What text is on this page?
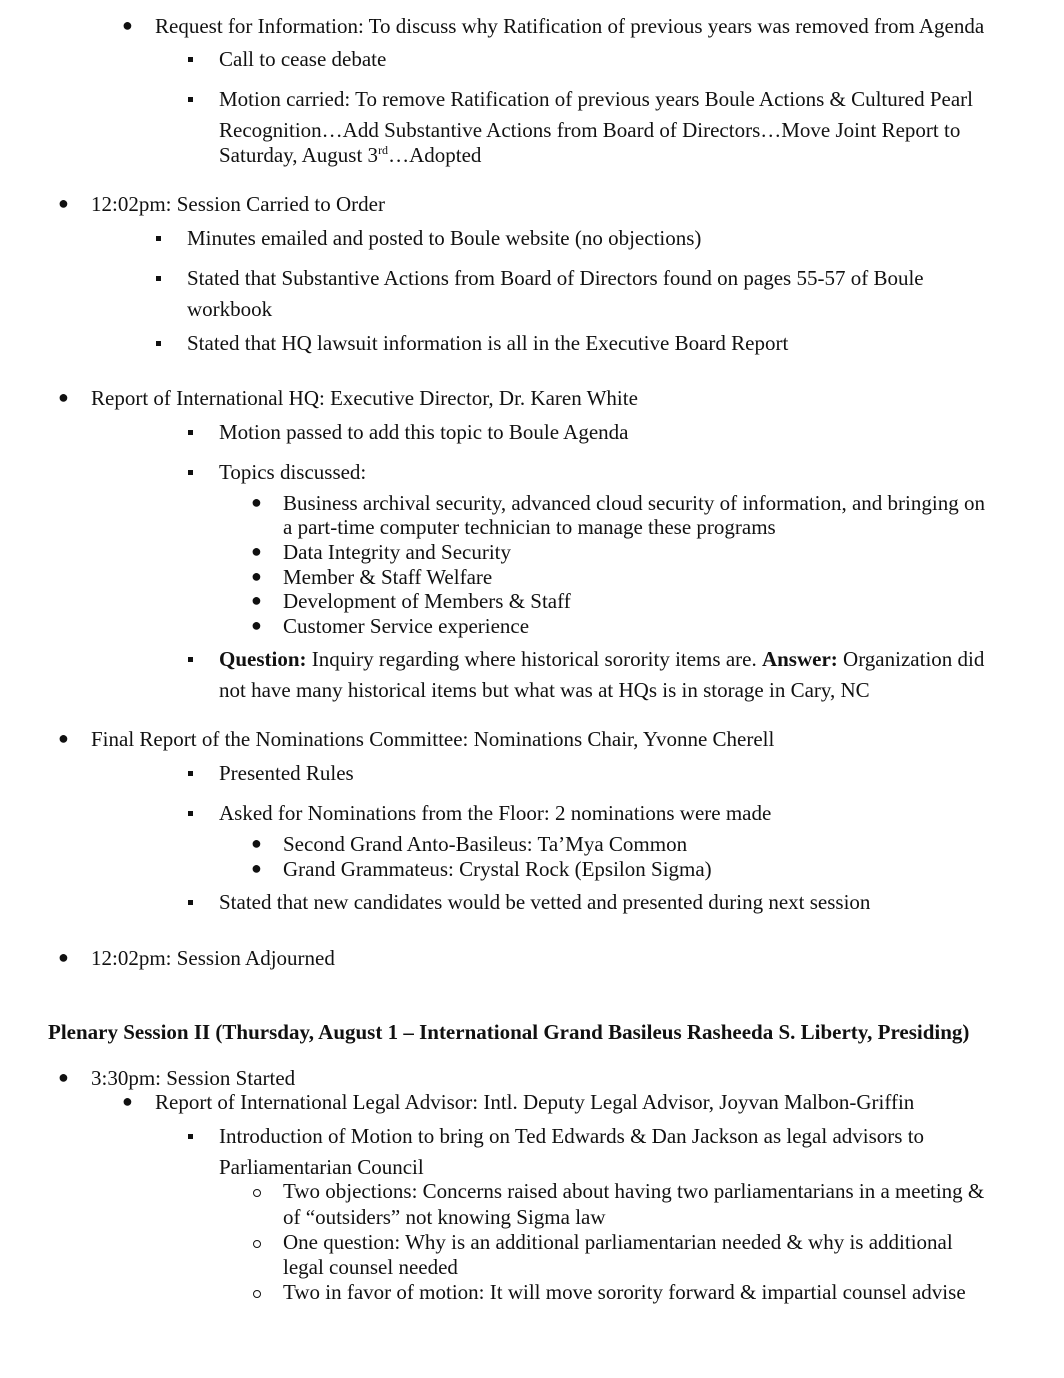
● Request for Information: To discuss why Ratification of previous years was removed from Agenda
Call to cease debate
Motion carried: To remove Ratification of previous years Boule Actions & Cultured Pearl
Recognition…Add Substantive Actions from Board of Directors…Move Joint Report to
Saturday, August 3rd…Adopted
● 12:02pm: Session Carried to Order
Minutes emailed and posted to Boule website (no objections)
Stated that Substantive Actions from Board of Directors found on pages 55-57 of Boule
workbook
Stated that HQ lawsuit information is all in the Executive Board Report
● Report of International HQ: Executive Director, Dr. Karen White
Motion passed to add this topic to Boule Agenda
Topics discussed:
● Business archival security, advanced cloud security of information, and bringing on
a part-time computer technician to manage these programs
● Data Integrity and Security
● Member & Staff Welfare
● Development of Members & Staff
● Customer Service experience
Question: Inquiry regarding where historical sorority items are. Answer: Organization did
not have many historical items but what was at HQs is in storage in Cary, NC
● Final Report of the Nominations Committee: Nominations Chair, Yvonne Cherell
Presented Rules
Asked for Nominations from the Floor: 2 nominations were made
● Second Grand Anto-Basileus: Ta’Mya Common
● Grand Grammateus: Crystal Rock (Epsilon Sigma)
Stated that new candidates would be vetted and presented during next session
● 12:02pm: Session Adjourned
Plenary Session II (Thursday, August 1 – International Grand Basileus Rasheeda S. Liberty, Presiding)
● 3:30pm: Session Started
● Report of International Legal Advisor: Intl. Deputy Legal Advisor, Joyvan Malbon-Griffin
Introduction of Motion to bring on Ted Edwards & Dan Jackson as legal advisors to
Parliamentarian Council
Two objections: Concerns raised about having two parliamentarians in a meeting &
of “outsiders” not knowing Sigma law
One question: Why is an additional parliamentarian needed & why is additional
legal counsel needed
Two in favor of motion: It will move sorority forward & impartial counsel advise
